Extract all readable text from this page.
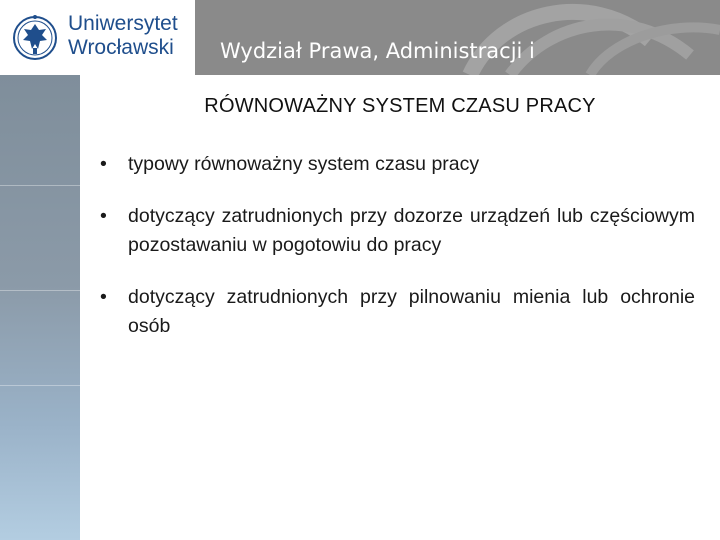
Wydział Prawa, Administracji i
Uniwersytet
Wrocławski
RÓWNOWAŻNY SYSTEM CZASU PRACY
• typowy równoważny system czasu pracy
• dotyczący zatrudnionych przy dozorze urządzeń lub częściowym pozostawaniu w pogotowiu do pracy
• dotyczący zatrudnionych przy pilnowaniu mienia lub ochronie osób
